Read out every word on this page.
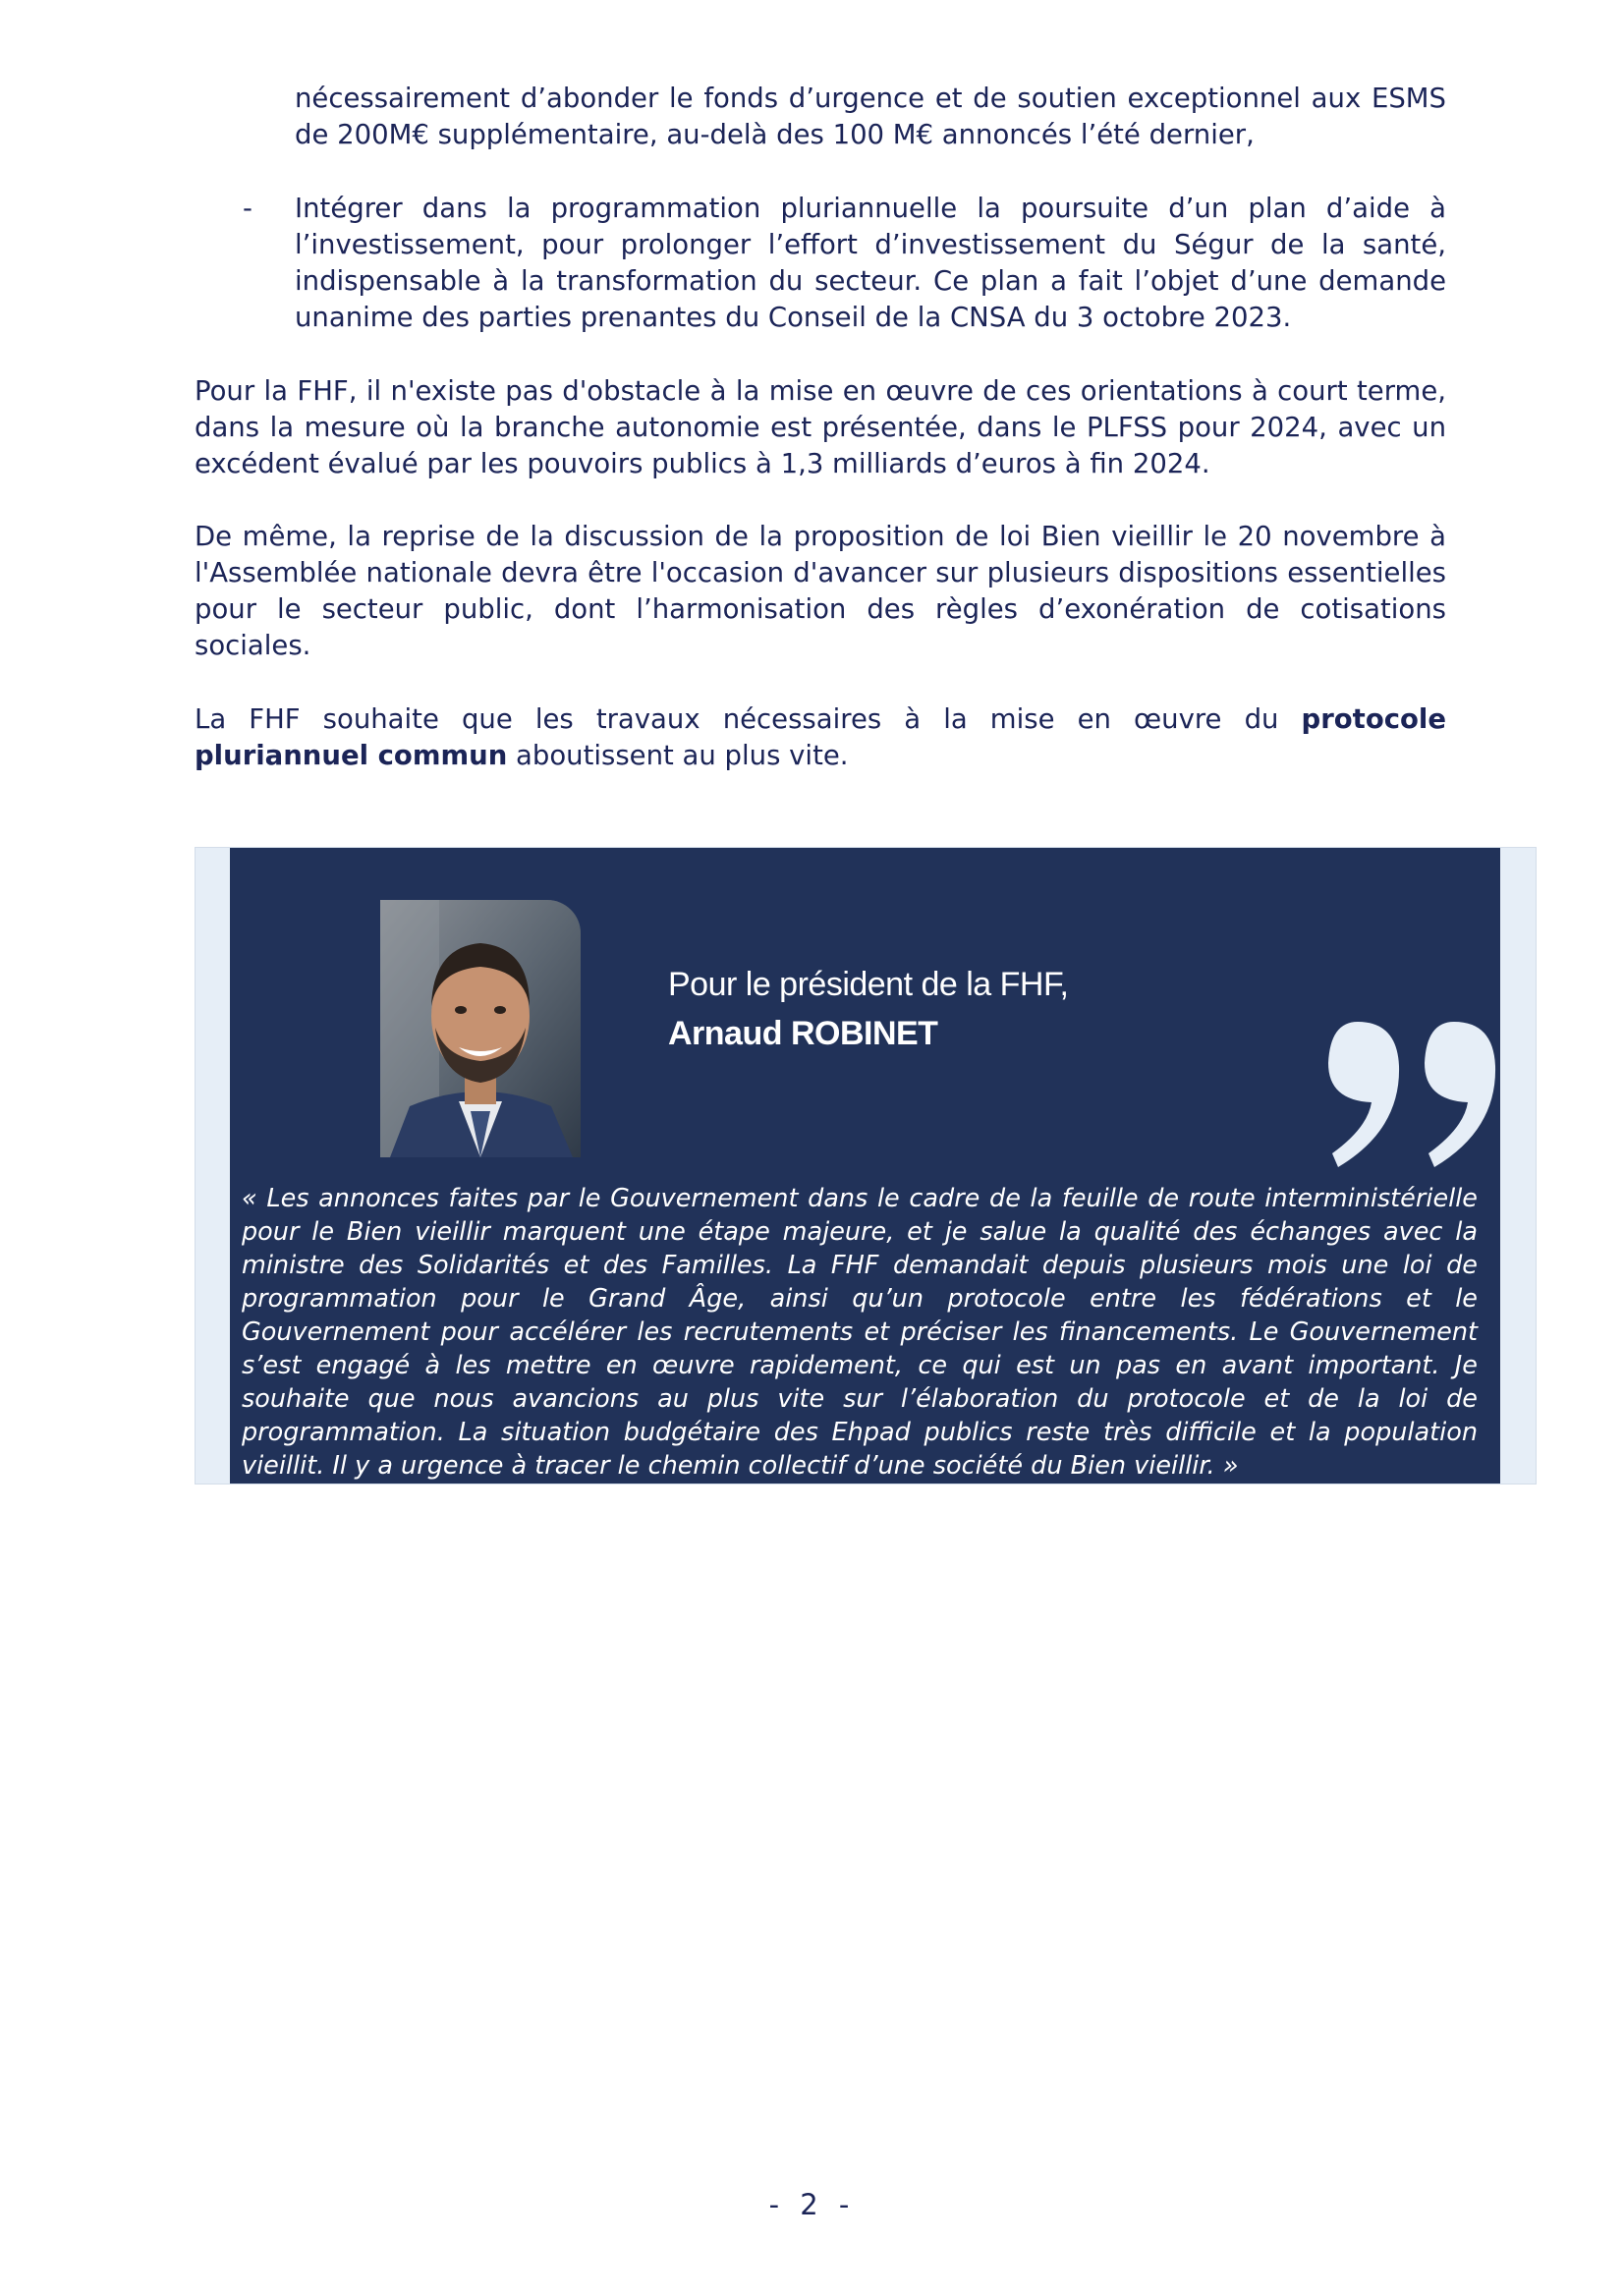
nécessairement d’abonder le fonds d’urgence et de soutien exceptionnel aux ESMS de 200M€ supplémentaire, au-delà des 100 M€ annoncés l’été dernier,

- Intégrer dans la programmation pluriannuelle la poursuite d’un plan d’aide à l’investissement, pour prolonger l’effort d’investissement du Ségur de la santé, indispensable à la transformation du secteur. Ce plan a fait l’objet d’une demande unanime des parties prenantes du Conseil de la CNSA du 3 octobre 2023.

Pour la FHF, il n'existe pas d'obstacle à la mise en œuvre de ces orientations à court terme, dans la mesure où la branche autonomie est présentée, dans le PLFSS pour 2024, avec un excédent évalué par les pouvoirs publics à 1,3 milliards d’euros à fin 2024.

De même, la reprise de la discussion de la proposition de loi Bien vieillir le 20 novembre à l'Assemblée nationale devra être l'occasion d'avancer sur plusieurs dispositions essentielles pour le secteur public, dont l’harmonisation des règles d’exonération de cotisations sociales.

La FHF souhaite que les travaux nécessaires à la mise en œuvre du protocole pluriannuel commun aboutissent au plus vite.

Pour le président de la FHF,
Arnaud ROBINET

« Les annonces faites par le Gouvernement dans le cadre de la feuille de route interministérielle pour le Bien vieillir marquent une étape majeure, et je salue la qualité des échanges avec la ministre des Solidarités et des Familles. La FHF demandait depuis plusieurs mois une loi de programmation pour le Grand Âge, ainsi qu’un protocole entre les fédérations et le Gouvernement pour accélérer les recrutements et préciser les financements. Le Gouvernement s’est engagé à les mettre en œuvre rapidement, ce qui est un pas en avant important. Je souhaite que nous avancions au plus vite sur l’élaboration du protocole et de la loi de programmation. La situation budgétaire des Ehpad publics reste très difficile et la population vieillit. Il y a urgence à tracer le chemin collectif d’une société du Bien vieillir. »

- 2 -
